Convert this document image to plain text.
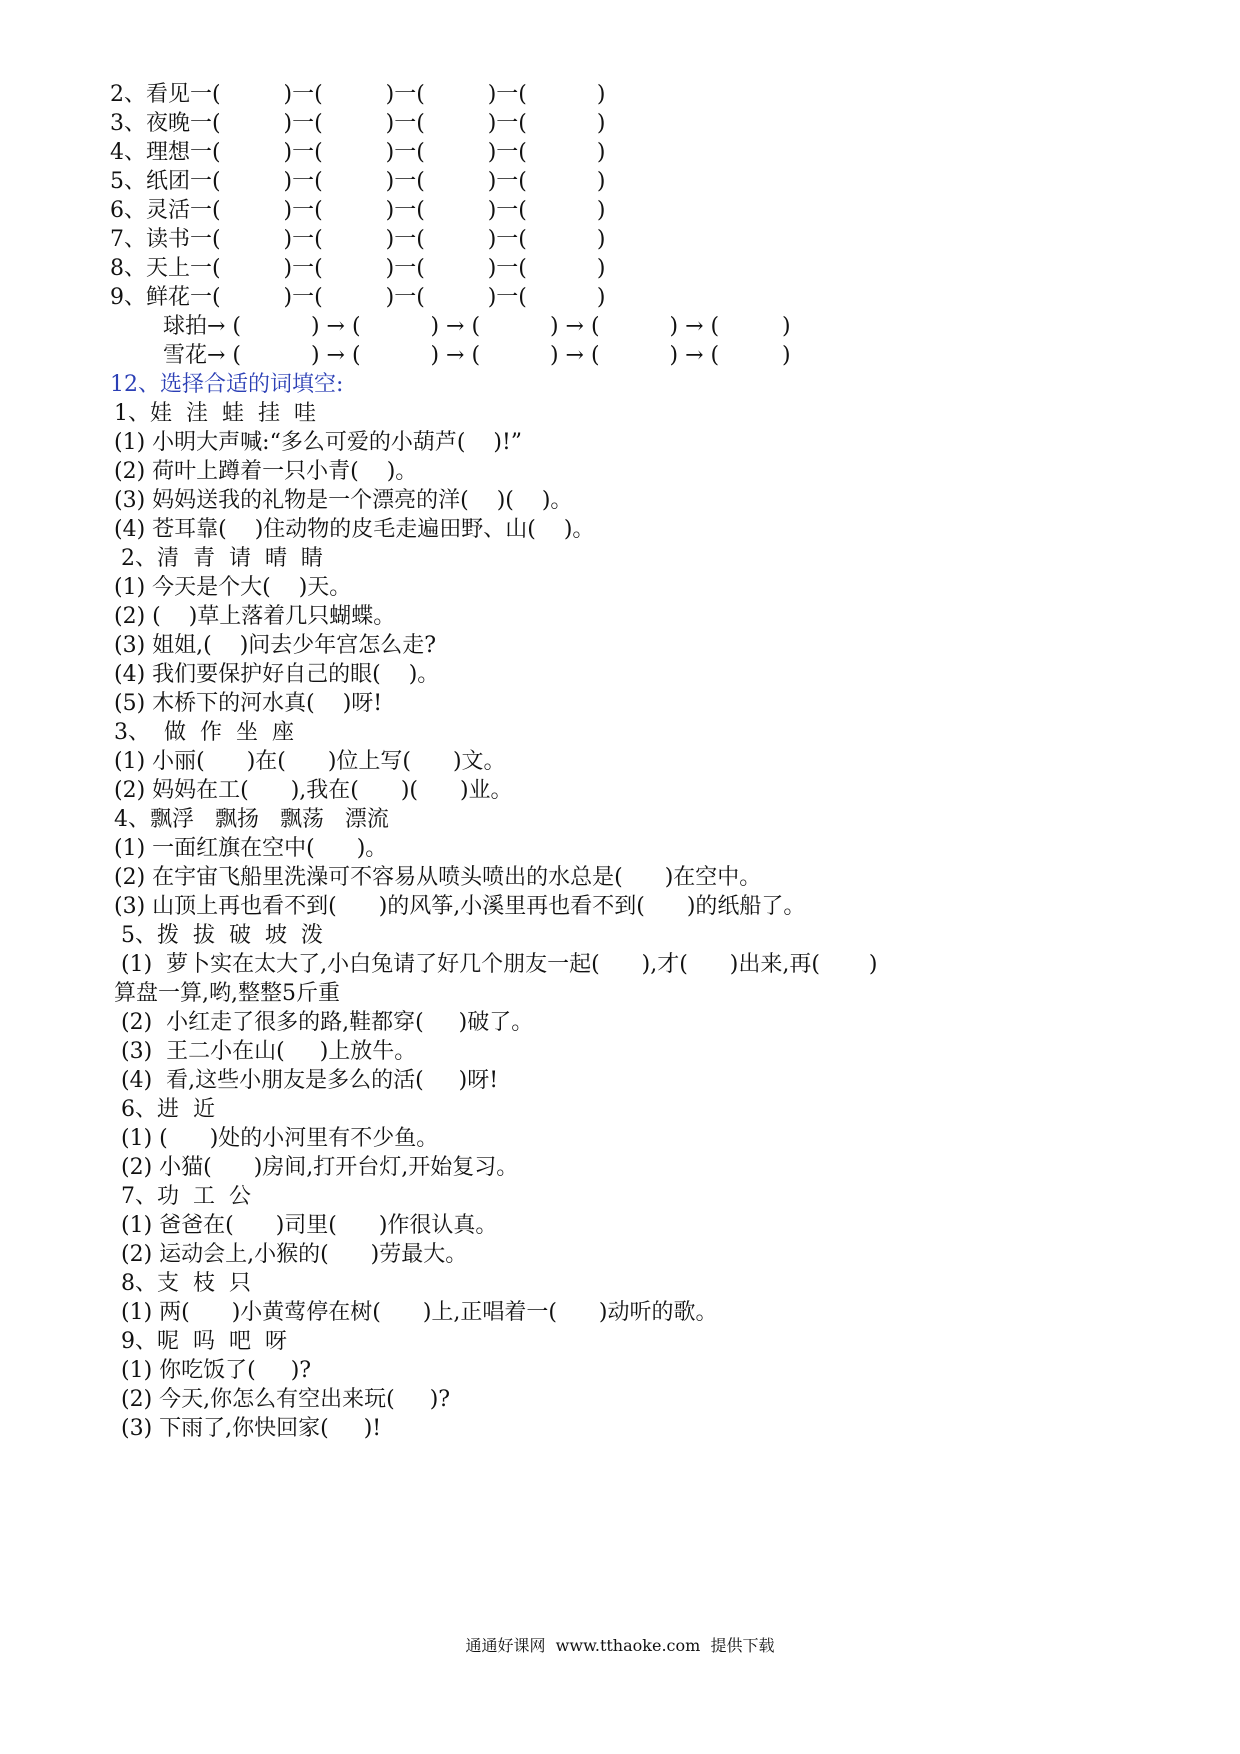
2、看见一(         )一(         )一(         )一(          )
3、夜晚一(         )一(         )一(         )一(          )
4、理想一(         )一(         )一(         )一(          )
5、纸团一(         )一(         )一(         )一(          )
6、灵活一(         )一(         )一(         )一(          )
7、读书一(         )一(         )一(         )一(          )
8、天上一(         )一(         )一(         )一(          )
9、鲜花一(         )一(         )一(         )一(          )
球拍→ (          ) → (          ) → (          ) → (          ) → (         )
雪花→ (          ) → (          ) → (          ) → (          ) → (         )
12、选择合适的词填空:
1、娃  洼  蛙  挂  哇
(1) 小明大声喊:“多么可爱的小葫芦(    )!”
(2) 荷叶上蹲着一只小青(    )。
(3) 妈妈送我的礼物是一个漂亮的洋(    )(    )。
(4) 苍耳靠(    )住动物的皮毛走遍田野、山(    )。
2、清  青  请  晴  睛
(1) 今天是个大(    )天。
(2) (    )草上落着几只蝴蝶。
(3) 姐姐,(    )问去少年宫怎么走?
(4) 我们要保护好自己的眼(    )。
(5) 木桥下的河水真(    )呀!
3、  做  作  坐  座
(1) 小丽(      )在(      )位上写(      )文。
(2) 妈妈在工(      ),我在(      )(      )业。
4、飘浮   飘扬   飘荡   漂流
(1) 一面红旗在空中(      )。
(2) 在宇宙飞船里洗澡可不容易从喷头喷出的水总是(      )在空中。
(3) 山顶上再也看不到(      )的风筝,小溪里再也看不到(      )的纸船了。
5、拨  拔  破  坡  泼
(1)  萝卜实在太大了,小白兔请了好几个朋友一起(      ),才(      )出来,再(       )
算盘一算,哟,整整5斤重
(2)  小红走了很多的路,鞋都穿(     )破了。
(3)  王二小在山(     )上放牛。
(4)  看,这些小朋友是多么的活(     )呀!
6、进  近
(1) (      )处的小河里有不少鱼。
(2) 小猫(      )房间,打开台灯,开始复习。
7、功  工  公
(1) 爸爸在(      )司里(      )作很认真。
(2) 运动会上,小猴的(      )劳最大。
8、支  枝  只
(1) 两(      )小黄莺停在树(      )上,正唱着一(      )动听的歌。
9、呢  吗  吧  呀
(1) 你吃饭了(     )?
(2) 今天,你怎么有空出来玩(     )?
(3) 下雨了,你快回家(     )!
通通好课网  www.tthaoke.com  提供下载
